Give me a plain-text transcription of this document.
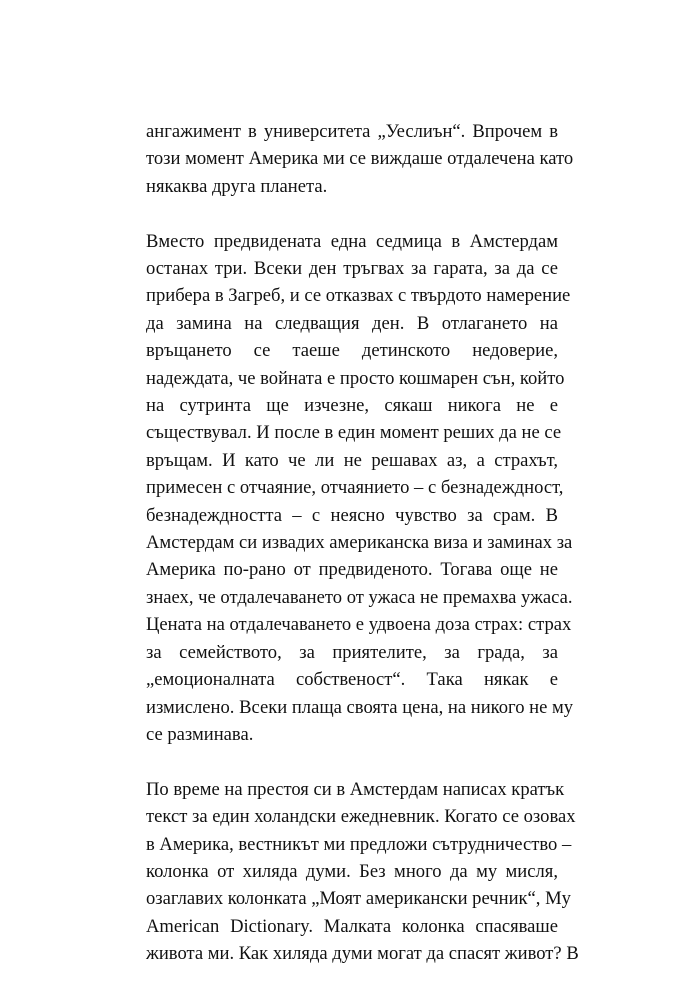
ангажимент в университета „Уеслиън“. Впрочем в
този момент Америка ми се виждаше отдалечена като
някаква друга планета.

Вместо предвидената една седмица в Амстердам
останах три. Всеки ден тръгвах за гарата, за да се
прибера в Загреб, и се отказвах с твърдото намерение
да замина на следващия ден. В отлагането на
връщането се таеше детинското недоверие,
надеждата, че войната е просто кошмарен сън, който
на сутринта ще изчезне, сякаш никога не е
съществувал. И после в един момент реших да не се
връщам. И като че ли не решавах аз, а страхът,
примесен с отчаяние, отчаянието – с безнадеждност,
безнадеждността – с неясно чувство за срам. В
Амстердам си извадих американска виза и заминах за
Америка по-рано от предвиденото. Тогава още не
знаех, че отдалечаването от ужаса не премахва ужаса.
Цената на отдалечаването е удвоена доза страх: страх
за семейството, за приятелите, за града, за
„емоционалната собственост“. Така някак е
измислено. Всеки плаща своята цена, на никого не му
се разминава.

По време на престоя си в Амстердам написах кратък
текст за един холандски ежедневник. Когато се озовах
в Америка, вестникът ми предложи сътрудничество –
колонка от хиляда думи. Без много да му мисля,
озаглавих колонката „Моят американски речник“, My
American Dictionary. Малката колонка спасяваше
живота ми. Как хиляда думи могат да спасят живот? В
